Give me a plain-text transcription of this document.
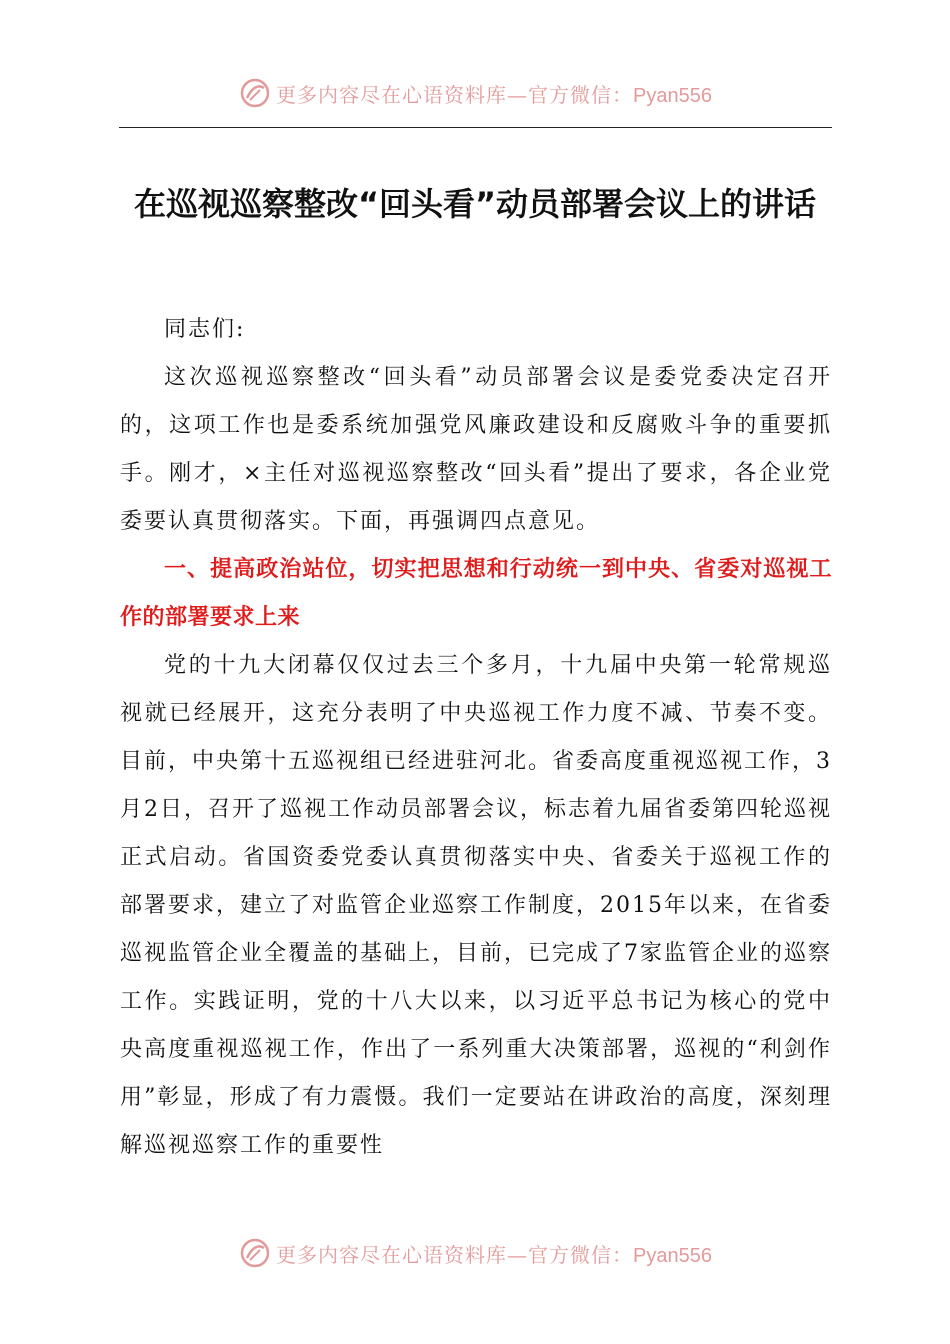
更多内容尽在心语资料库—官方微信：Pyan556
在巡视巡察整改“回头看”动员部署会议上的讲话

同志们:

这次巡视巡察整改“回头看”动员部署会议是委党委决定召开的，这项工作也是委系统加强党风廉政建设和反腐败斗争的重要抓手。刚才，×主任对巡视巡察整改“回头看”提出了要求，各企业党委要认真贯彻落实。下面，再强调四点意见。

一、提高政治站位，切实把思想和行动统一到中央、省委对巡视工作的部署要求上来

党的十九大闭幕仅仅过去三个多月，十九届中央第一轮常规巡视就已经展开，这充分表明了中央巡视工作力度不减、节奏不变。目前，中央第十五巡视组已经进驻河北。省委高度重视巡视工作，3月2日，召开了巡视工作动员部署会议，标志着九届省委第四轮巡视正式启动。省国资委党委认真贯彻落实中央、省委关于巡视工作的部署要求，建立了对监管企业巡察工作制度，2015年以来，在省委巡视监管企业全覆盖的基础上，目前，已完成了7家监管企业的巡察工作。实践证明，党的十八大以来，以习近平总书记为核心的党中央高度重视巡视工作，作出了一系列重大决策部署，巡视的“利剑作用”彰显，形成了有力震慑。我们一定要站在讲政治的高度，深刻理解巡视巡察工作的重要性

更多内容尽在心语资料库—官方微信：Pyan556
